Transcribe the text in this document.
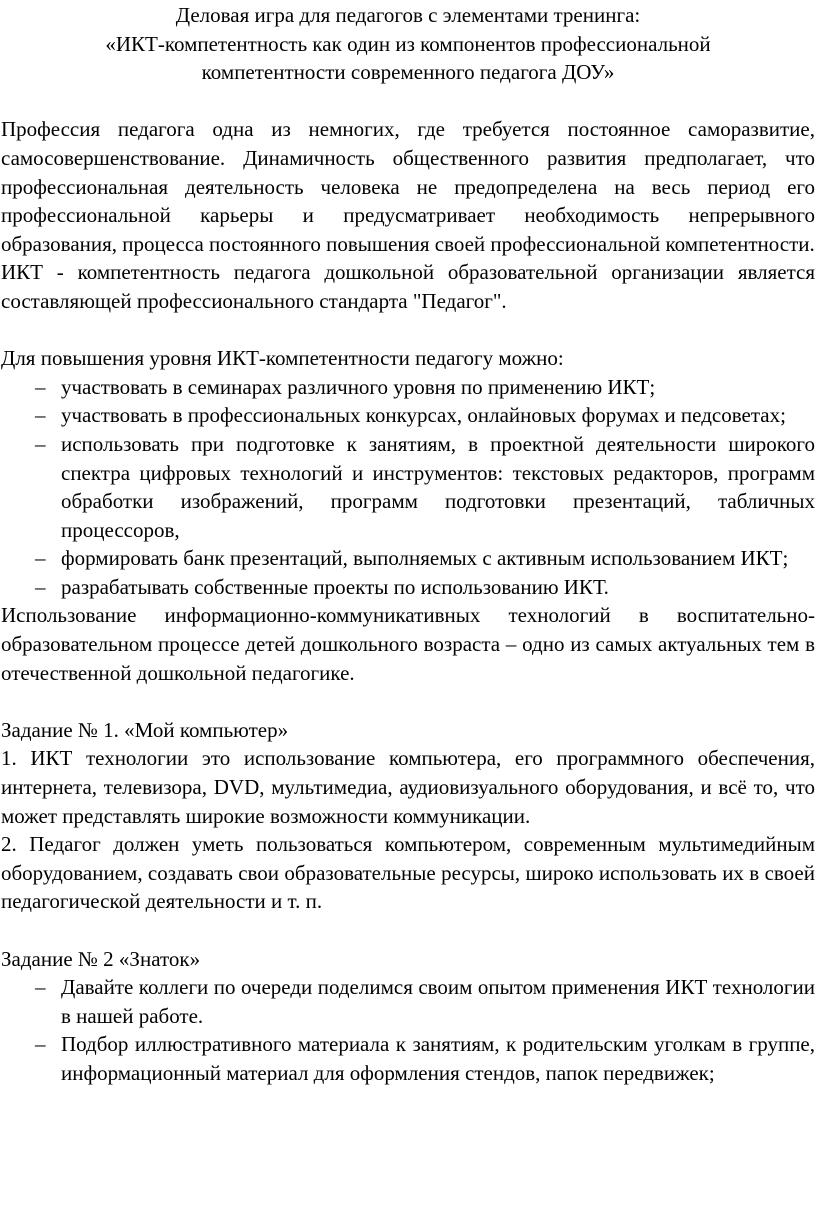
Деловая игра для педагогов с элементами тренинга:
«ИКТ-компетентность как один из компонентов профессиональной
компетентности современного педагога ДОУ»

Профессия педагога одна из немногих, где требуется постоянное саморазвитие, самосовершенствование. Динамичность общественного развития предполагает, что профессиональная деятельность человека не предопределена на весь период его профессиональной карьеры и предусматривает необходимость непрерывного образования, процесса постоянного повышения своей профессиональной компетентности.

ИКТ - компетентность педагога дошкольной образовательной организации является составляющей профессионального стандарта "Педагог".

Для повышения уровня ИКТ-компетентности педагогу можно:

– участвовать в семинарах различного уровня по применению ИКТ;
– участвовать в профессиональных конкурсах, онлайновых форумах и педсоветах;
– использовать при подготовке к занятиям, в проектной деятельности широкого спектра цифровых технологий и инструментов: текстовых редакторов, программ обработки изображений, программ подготовки презентаций, табличных процессоров,
– формировать банк презентаций, выполняемых с активным использованием ИКТ;
– разрабатывать собственные проекты по использованию ИКТ.

Использование информационно-коммуникативных технологий в воспитательно-образовательном процессе детей дошкольного возраста – одно из самых актуальных тем в отечественной дошкольной педагогике.

Задание № 1. «Мой компьютер»

1. ИКТ технологии это использование компьютера, его программного обеспечения, интернета, телевизора, DVD, мультимедиа, аудиовизуального оборудования, и всё то, что может представлять широкие возможности коммуникации.

2. Педагог должен уметь пользоваться компьютером, современным мультимедийным оборудованием, создавать свои образовательные ресурсы, широко использовать их в своей педагогической деятельности и т. п.

Задание № 2 «Знаток»

– Давайте коллеги по очереди поделимся своим опытом применения ИКТ технологии в нашей работе.
– Подбор иллюстративного материала к занятиям, к родительским уголкам в группе, информационный материал для оформления стендов, папок передвижек;
